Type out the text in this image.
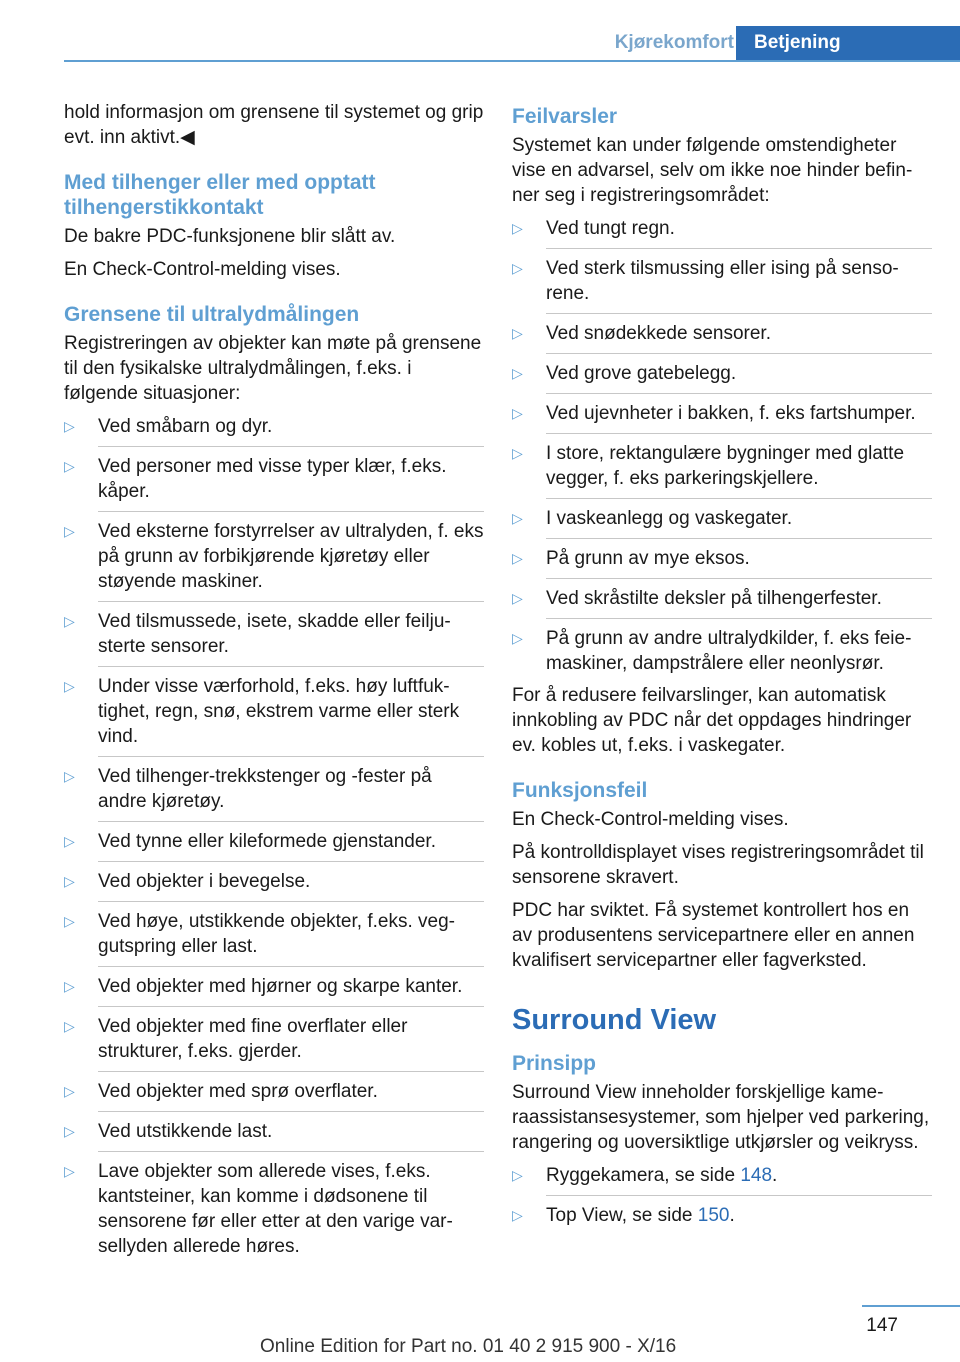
Kjørekomfort	Betjening

hold informasjon om grensene til systemet og grip evt. inn aktivt.◀

Med tilhenger eller med opptatt tilhengerstikkontakt

De bakre PDC-funksjonene blir slått av.

En Check-Control-melding vises.

Grensene til ultralydmålingen

Registreringen av objekter kan møte på grensene til den fysikalske ultralydmålingen, f.eks. i følgende situasjoner:

▷ Ved småbarn og dyr.
▷ Ved personer med visse typer klær, f.eks. kåper.
▷ Ved eksterne forstyrrelser av ultralyden, f. eks på grunn av forbikjørende kjøretøy eller støyende maskiner.
▷ Ved tilsmussede, isete, skadde eller feiljusterte sensorer.
▷ Under visse værforhold, f.eks. høy luftfuktighet, regn, snø, ekstrem varme eller sterk vind.
▷ Ved tilhenger-trekkstenger og -fester på andre kjøretøy.
▷ Ved tynne eller kileformede gjenstander.
▷ Ved objekter i bevegelse.
▷ Ved høye, utstikkende objekter, f.eks. veggutspring eller last.
▷ Ved objekter med hjørner og skarpe kanter.
▷ Ved objekter med fine overflater eller strukturer, f.eks. gjerder.
▷ Ved objekter med sprø overflater.
▷ Ved utstikkende last.
▷ Lave objekter som allerede vises, f.eks. kantsteiner, kan komme i dødsonene til sensorene før eller etter at den varige varsellyden allerede høres.
Feilvarsler

Systemet kan under følgende omstendigheter vise en advarsel, selv om ikke noe hinder befinner seg i registreringsområdet:

▷ Ved tungt regn.
▷ Ved sterk tilsmussing eller ising på sensorene.
▷ Ved snødekkede sensorer.
▷ Ved grove gatebelegg.
▷ Ved ujevnheter i bakken, f. eks fartshumper.
▷ I store, rektangulære bygninger med glatte vegger, f. eks parkeringskjellere.
▷ I vaskeanlegg og vaskegater.
▷ På grunn av mye eksos.
▷ Ved skråstilte deksler på tilhengerfester.
▷ På grunn av andre ultralydkilder, f. eks feiemaskiner, dampstrålere eller neonlysrør.

For å redusere feilvarslinger, kan automatisk innkobling av PDC når det oppdages hindringer ev. kobles ut, f.eks. i vaskegater.

Funksjonsfeil

En Check-Control-melding vises.

På kontrolldisplayet vises registreringsområdet til sensorene skravert.

PDC har sviktet. Få systemet kontrollert hos en av produsentens servicepartnere eller en annen kvalifisert servicepartner eller fagverksted.

Surround View
Prinsipp

Surround View inneholder forskjellige kameraassistansesystemer, som hjelper ved parkering, rangering og uoversiktlige utkjørsler og veikryss.

▷ Ryggekamera, se side 148.
▷ Top View, se side 150.
147
Online Edition for Part no. 01 40 2 915 900 - X/16
